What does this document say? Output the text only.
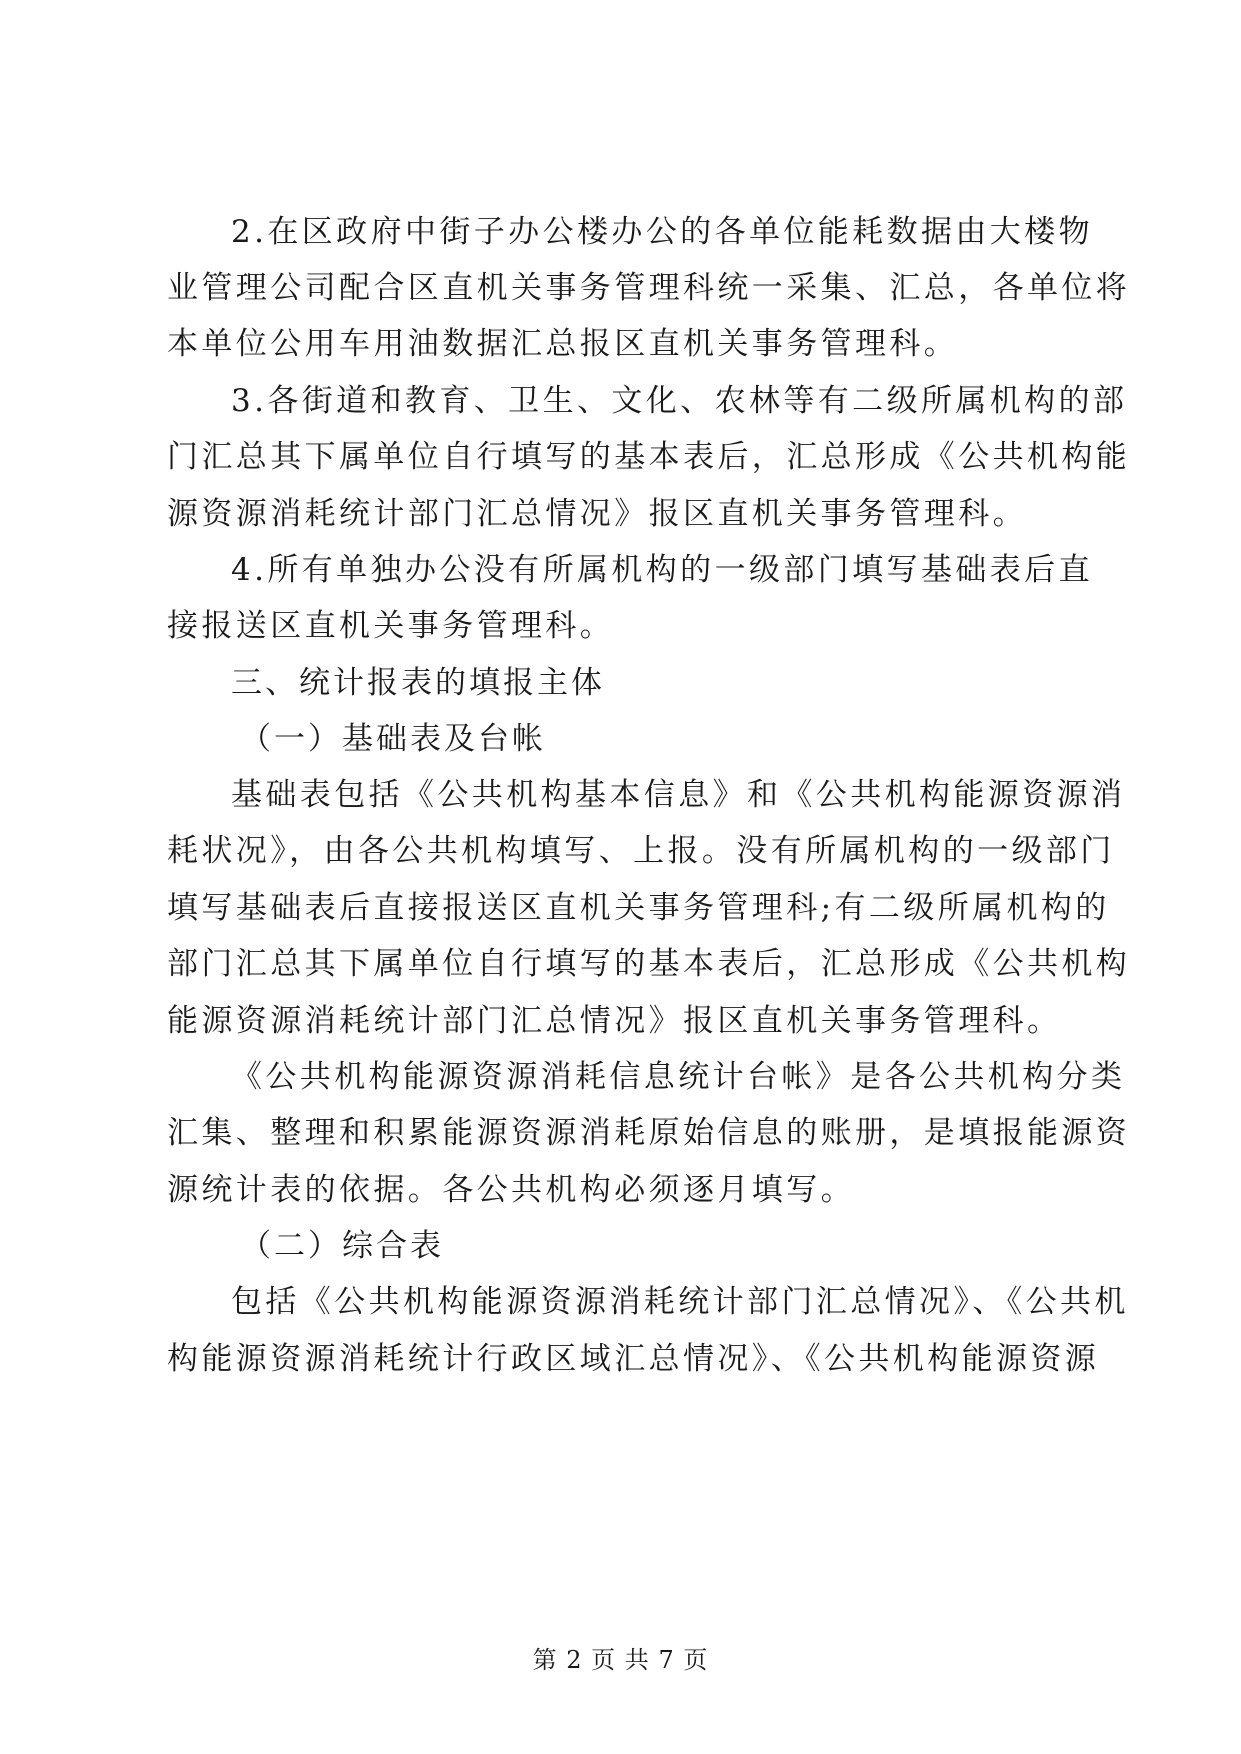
2.在区政府中街子办公楼办公的各单位能耗数据由大楼物

业管理公司配合区直机关事务管理科统一采集、汇总，各单位将

本单位公用车用油数据汇总报区直机关事务管理科。

3.各街道和教育、卫生、文化、农林等有二级所属机构的部

门汇总其下属单位自行填写的基本表后，汇总形成《公共机构能

源资源消耗统计部门汇总情况》报区直机关事务管理科。

4.所有单独办公没有所属机构的一级部门填写基础表后直

接报送区直机关事务管理科。

三、统计报表的填报主体

（一）基础表及台帐

基础表包括《公共机构基本信息》和《公共机构能源资源消

耗状况》，由各公共机构填写、上报。没有所属机构的一级部门

填写基础表后直接报送区直机关事务管理科;有二级所属机构的

部门汇总其下属单位自行填写的基本表后，汇总形成《公共机构

能源资源消耗统计部门汇总情况》报区直机关事务管理科。

《公共机构能源资源消耗信息统计台帐》是各公共机构分类

汇集、整理和积累能源资源消耗原始信息的账册，是填报能源资

源统计表的依据。各公共机构必须逐月填写。

（二）综合表

包括《公共机构能源资源消耗统计部门汇总情况》、《公共机

构能源资源消耗统计行政区域汇总情况》、《公共机构能源资源

第 2 页 共 7 页
